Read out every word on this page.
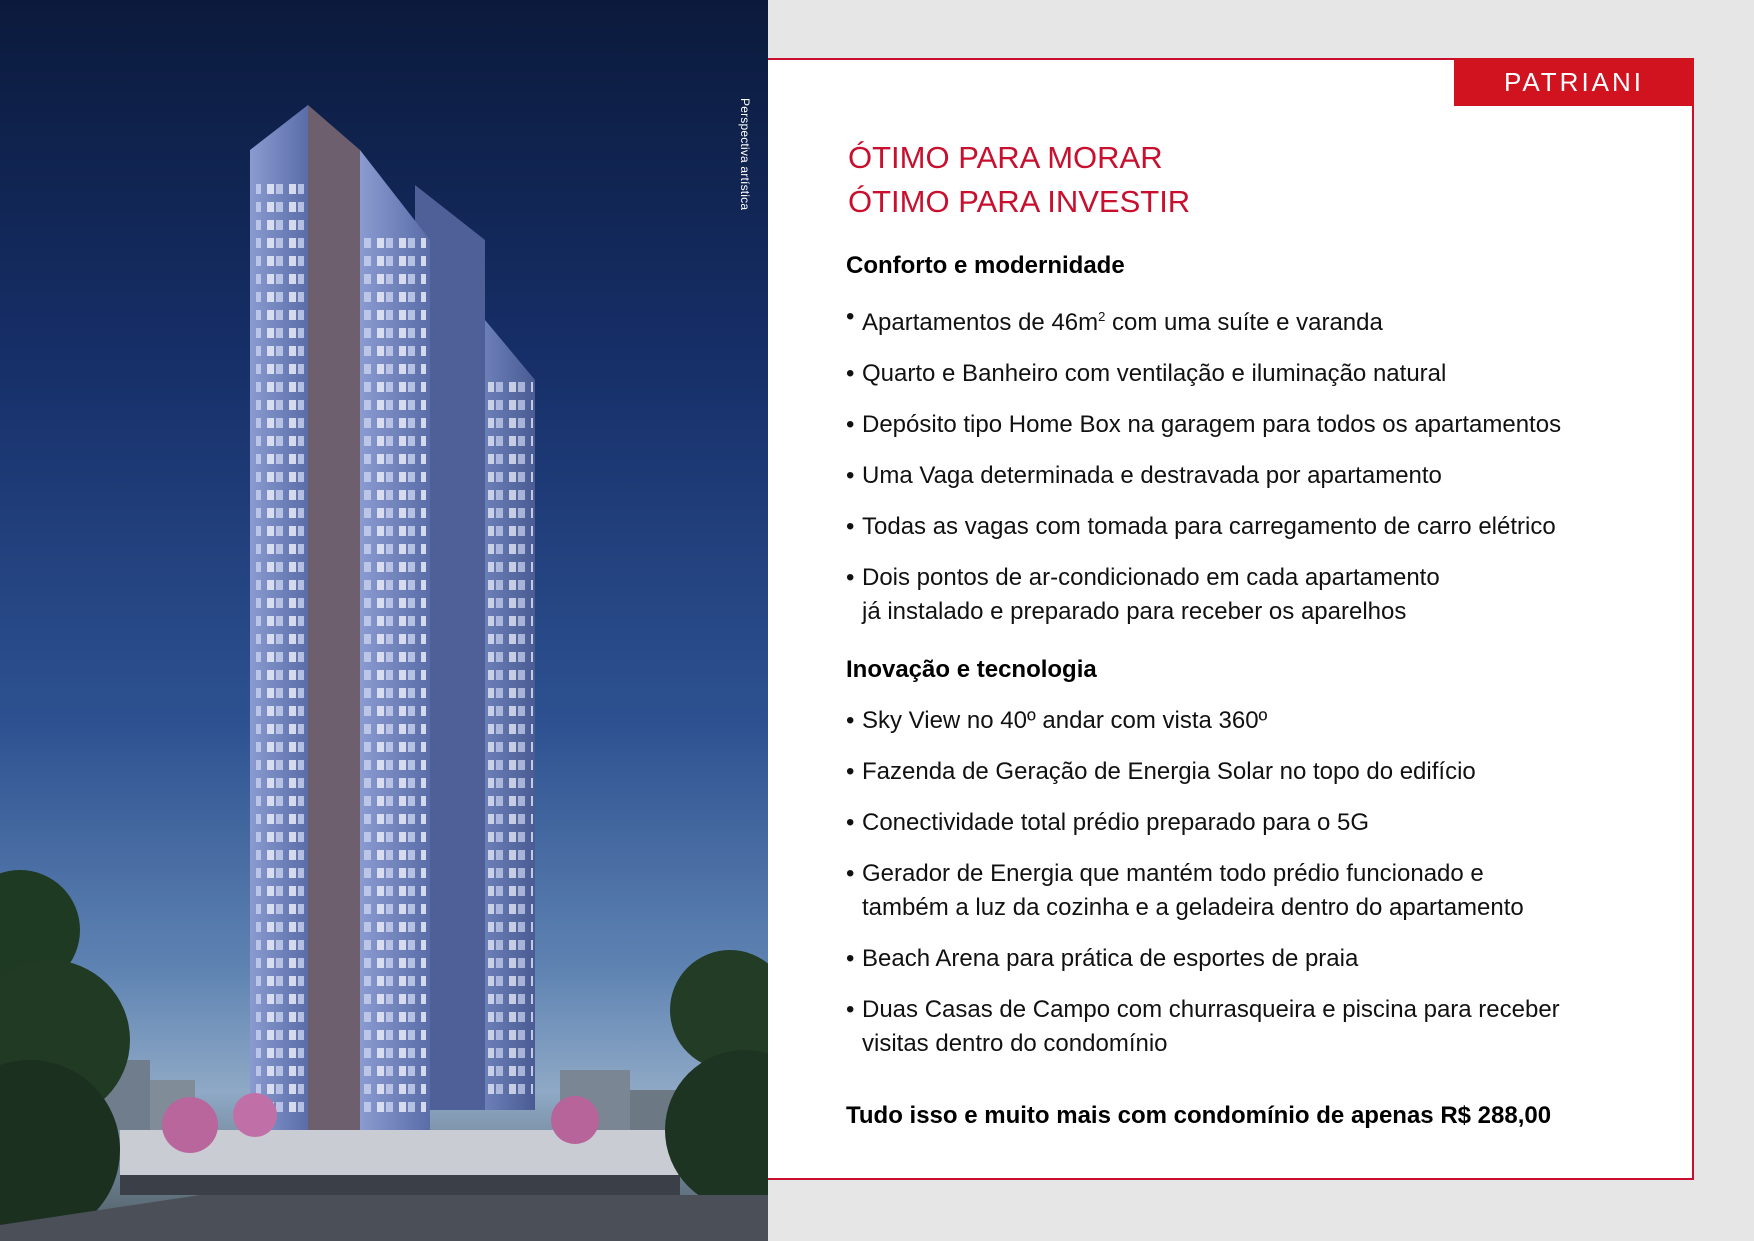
Perspectiva artística
PATRIANI
ÓTIMO PARA MORAR
ÓTIMO PARA INVESTIR
Conforto e modernidade
• Apartamentos de $46m^2$ com uma suíte e varanda
• Quarto e Banheiro com ventilação e iluminação natural
• Depósito tipo Home Box na garagem para todos os apartamentos
• Uma Vaga determinada e destravada por apartamento
• Todas as vagas com tomada para carregamento de carro elétrico
• Dois pontos de ar-condicionado em cada apartamento
já instalado e preparado para receber os aparelhos
Inovação e tecnologia
• Sky View no 40º andar com vista 360º
• Fazenda de Geração de Energia Solar no topo do edifício
• Conectividade total prédio preparado para o 5G
• Gerador de Energia que mantém todo prédio funcionado e
também a luz da cozinha e a geladeira dentro do apartamento
• Beach Arena para prática de esportes de praia
• Duas Casas de Campo com churrasqueira e piscina para receber
visitas dentro do condomínio
Tudo isso e muito mais com condomínio de apenas R$ 288,00
